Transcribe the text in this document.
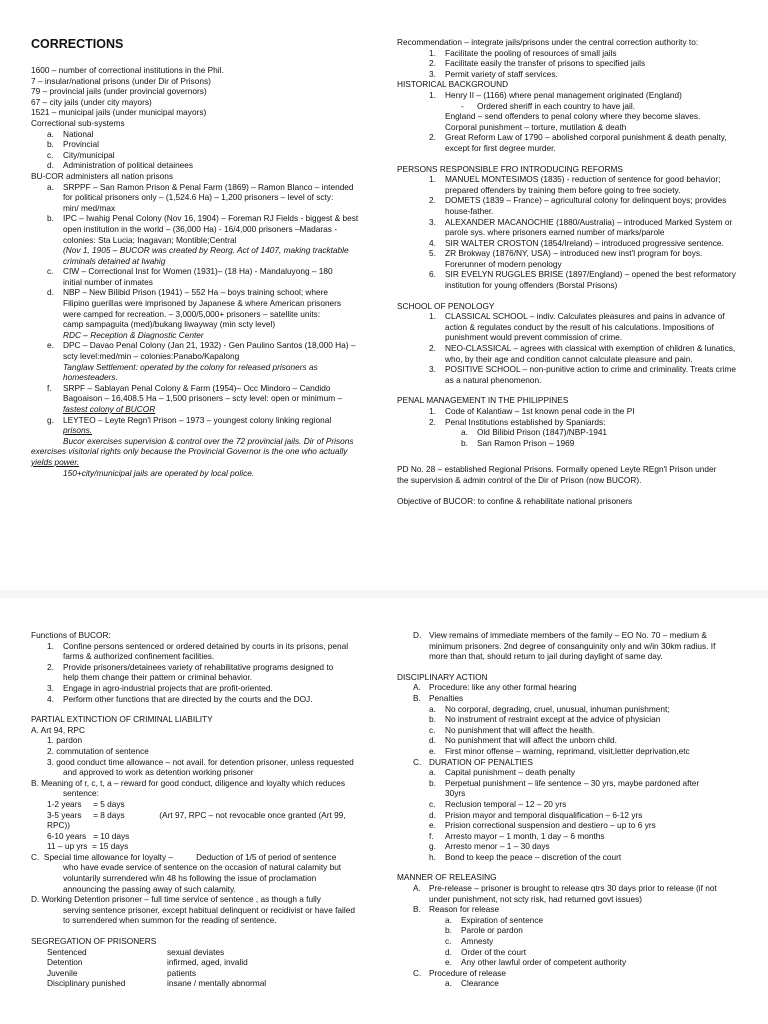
CORRECTIONS
1600 – number of correctional institutions in the Phil.
7 – insular/national prisons (under Dir of Prisons)
79 – provincial jails (under provincial governors)
67 – city jails (under city mayors)
1521 – municipal jails (under municipal mayors)
Correctional sub-systems
a. National
b. Provincial
c. City/municipal
d. Administration of political detainees
BU-COR administers all nation prisons
a. SRPPF – San Ramon Prison & Penal Farm (1869) – Ramon Blanco – intended
for political prisoners only – (1,524.6 Ha) – 1,200 prisoners – level of scty:
min/ med/max
b. IPC – Iwahig Penal Colony (Nov 16, 1904) – Foreman RJ Fields - biggest & best
open institution in the world – (36,000 Ha) - 16/4,000 prisoners –Madaras -
colonies: Sta Lucia; Inagavan; Montible;Central
(Nov 1, 1905 – BUCOR was created by Reorg. Act of 1407, making tracktable
criminals detained at Iwahig
c. CIW – Correctional Inst for Women (1931)– (18 Ha) - Mandaluyong – 180
initial number of inmates
d. NBP – New Bilibid Prison (1941) – 552 Ha – boys training school; where
Filipino guerillas were imprisoned by Japanese & where American prisoners
were camped for recreation. – 3,000/5,000+ prisoners – satellite units:
camp sampaguita (med)/bukang liwayway (min scty level)
RDC – Reception & Diagnostic Center
e. DPC – Davao Penal Colony (Jan 21, 1932) - Gen Paulino Santos (18,000 Ha) –
scty level:med/min – colonies:Panabo/Kapalong
Tanglaw Settlement: operated by the colony for released prisoners as
homesteaders.
f. SRPF – Sablayan Penal Colony & Farm (1954)– Occ Mindoro – Candido
Bagoaison – 16,408.5 Ha – 1,500 prisoners – scty level: open or minimum –
fastest colony of BUCOR
g. LEYTEO – Leyte Regn'l Prison – 1973 – youngest colony linking regional
prisons.
Bucor exercises supervision & control over the 72 provincial jails. Dir of Prisons
exercises visitorial rights only because the Provincial Governor is the one who actually
yields power.
150+city/municipal jails are operated by local police.
Recommendation – integrate jails/prisons under the central correction authority to:
1. Facilitate the pooling of resources of small jails
2. Facilitate easily the transfer of prisons to specified jails
3. Permit variety of staff services.
HISTORICAL BACKGROUND
1. Henry II – (1166) where penal management originated (England)
- Ordered sheriff in each country to have jail.
England – send offenders to penal colony where they become slaves.
Corporal punishment – torture, mutilation & death
2. Great Reform Law of 1790 – abolished corporal punishment & death penalty,
except for first degree murder.
PERSONS RESPONSIBLE FRO INTRODUCING REFORMS
1. MANUEL MONTESIMOS (1835) - reduction of sentence for good behavior;
prepared offenders by training them before going to free society.
2. DOMETS (1839 – France) – agricultural colony for delinquent boys; provides
house-father.
3. ALEXANDER MACANOCHIE (1880/Australia) – introduced Marked System or
parole sys. where prisoners earned number of marks/parole
4. SIR WALTER CROSTON (1854/Ireland) – introduced progressive sentence.
5. ZR Brokway (1876/NY, USA) – introduced new inst'l program for boys.
Forerunner of modern penology
6. SIR EVELYN RUGGLES BRISE (1897/England) – opened the best reformatory
institution for young offenders (Borstal Prisons)
SCHOOL OF PENOLOGY
1. CLASSICAL SCHOOL – indiv. Calculates pleasures and pains in advance of
action & regulates conduct by the result of his calculations. Impositions of
punishment would prevent commission of crime.
2. NEO-CLASSICAL – agrees with classical with exemption of children & lunatics,
who, by their age and condition cannot calculate pleasure and pain.
3. POSITIVE SCHOOL – non-punitive action to crime and criminality. Treats crime
as a natural phenomenon.
PENAL MANAGEMENT IN THE PHILIPPINES
1. Code of Kalantiaw – 1st known penal code in the PI
2. Penal Institutions established by Spaniards:
a. Old Bilibid Prison (1847)/NBP-1941
b. San Ramon Prison – 1969
PD No. 28 – established Regional Prisons. Formally opened Leyte REgn'l Prison under
the supervision & admin control of the Dir of Prison (now BUCOR).
Objective of BUCOR: to confine & rehabilitate national prisoners
Functions of BUCOR:
1. Confine persons sentenced or ordered detained by courts in its prisons, penal
farms & authorized confinement facilities.
2. Provide prisoners/detainees variety of rehabilitative programs designed to
help them change their pattern or criminal behavior.
3. Engage in agro-industrial projects that are profit-oriented.
4. Perform other functions that are directed by the courts and the DOJ.
PARTIAL EXTINCTION OF CRIMINAL LIABILITY
A. Art 94, RPC
1. pardon
2. commutation of sentence
3. good conduct time allowance – not avail. for detention prisoner, unless requested
and approved to work as detention working prisoner
B. Meaning of r, c, t, a – reward for good conduct, diligence and loyalty which reduces
sentence:
1-2 years     = 5 days
3-5 years     = 8 days               (Art 97, RPC – not revocable once granted (Art 99,
RPC))
6-10 years   = 10 days
11 – up yrs  = 15 days
C.  Special time allowance for loyalty –          Deduction of 1/5 of period of sentence
who have evade service of sentence on the occasion of natural calamity but
voluntarily surrendered w/in 48 hs following the issue of proclamation
announcing the passing away of such calamity.
D. Working Detention prisoner – full time service of sentence , as though a fully
serving sentence prisoner, except habitual delinquent or recidivist or have failed
to surrendered when summon for the reading of sentence.
SEGREGATION OF PRISONERS
Sentenced	sexual deviates
Detention	infirmed, aged, invalid
Juvenile	patients
Disciplinary punished	insane / mentally abnormal
D. View remains of immediate members of the family – EO No. 70 – medium &
minimum prisoners. 2nd degree of consanguinity only and w/in 30km radius. If
more than that, should return to jail during daylight of same day.
DISCIPLINARY ACTION
A. Procedure: like any other formal hearing
B. Penalties
a. No corporal, degrading, cruel, unusual, inhuman punishment;
b. No instrument of restraint except at the advice of physician
c. No punishment that will affect the health.
d. No punishment that will affect the unborn child.
e. First minor offense – warning, reprimand, visit,letter deprivation,etc
C. DURATION OF PENALTIES
a. Capital punishment – death penalty
b. Perpetual punishment – life sentence – 30 yrs, maybe pardoned after
30yrs
c. Reclusion temporal – 12 – 20 yrs
d. Prision mayor and temporal disqualification – 6-12 yrs
e. Prision correctional suspension and destiero – up to 6 yrs
f. Arresto mayor – 1 month, 1 day – 6 months
g. Arresto menor – 1 – 30 days
h. Bond to keep the peace – discretion of the court
MANNER OF RELEASING
A. Pre-release – prisoner is brought to release qtrs 30 days prior to release (if not
under punishment, not scty risk, had returned govt issues)
B. Reason for release
a. Expiration of sentence
b. Parole or pardon
c. Amnesty
d. Order of the court
e. Any other lawful order of competent authority
C. Procedure of release
a. Clearance
